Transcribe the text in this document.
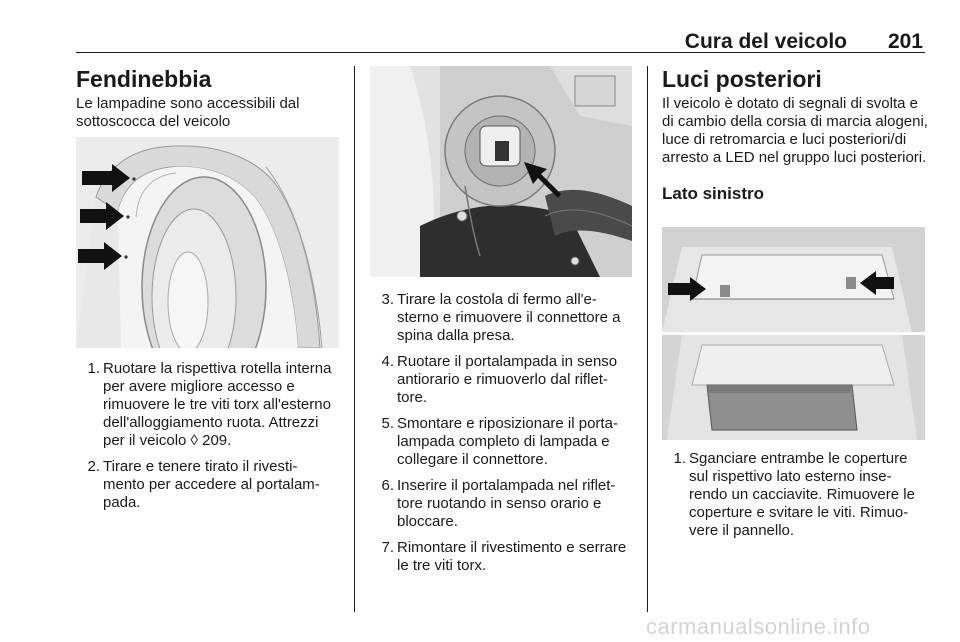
Cura del veicolo 201
Fendinebbia
Le lampadine sono accessibili dal sottoscocca del veicolo
1. Ruotare la rispettiva rotella interna per avere migliore accesso e rimuovere le tre viti torx all'esterno dell'alloggiamento ruota. Attrezzi per il veicolo ◊ 209.
2. Tirare e tenere tirato il rivesti- mento per accedere al portalam- pada.
3. Tirare la costola di fermo all'e- sterno e rimuovere il connettore a spina dalla presa.
4. Ruotare il portalampada in senso antiorario e rimuoverlo dal riflet- tore.
5. Smontare e riposizionare il porta- lampada completo di lampada e collegare il connettore.
6. Inserire il portalampada nel riflet- tore ruotando in senso orario e bloccare.
7. Rimontare il rivestimento e serrare le tre viti torx.
Luci posteriori
Il veicolo è dotato di segnali di svolta e di cambio della corsia di marcia alogeni, luce di retromarcia e luci posteriori/di arresto a LED nel gruppo luci posteriori.
Lato sinistro
1. Sganciare entrambe le coperture sul rispettivo lato esterno inse- rendo un cacciavite. Rimuovere le coperture e svitare le viti. Rimuo- vere il pannello.
carmanualsonline.info
